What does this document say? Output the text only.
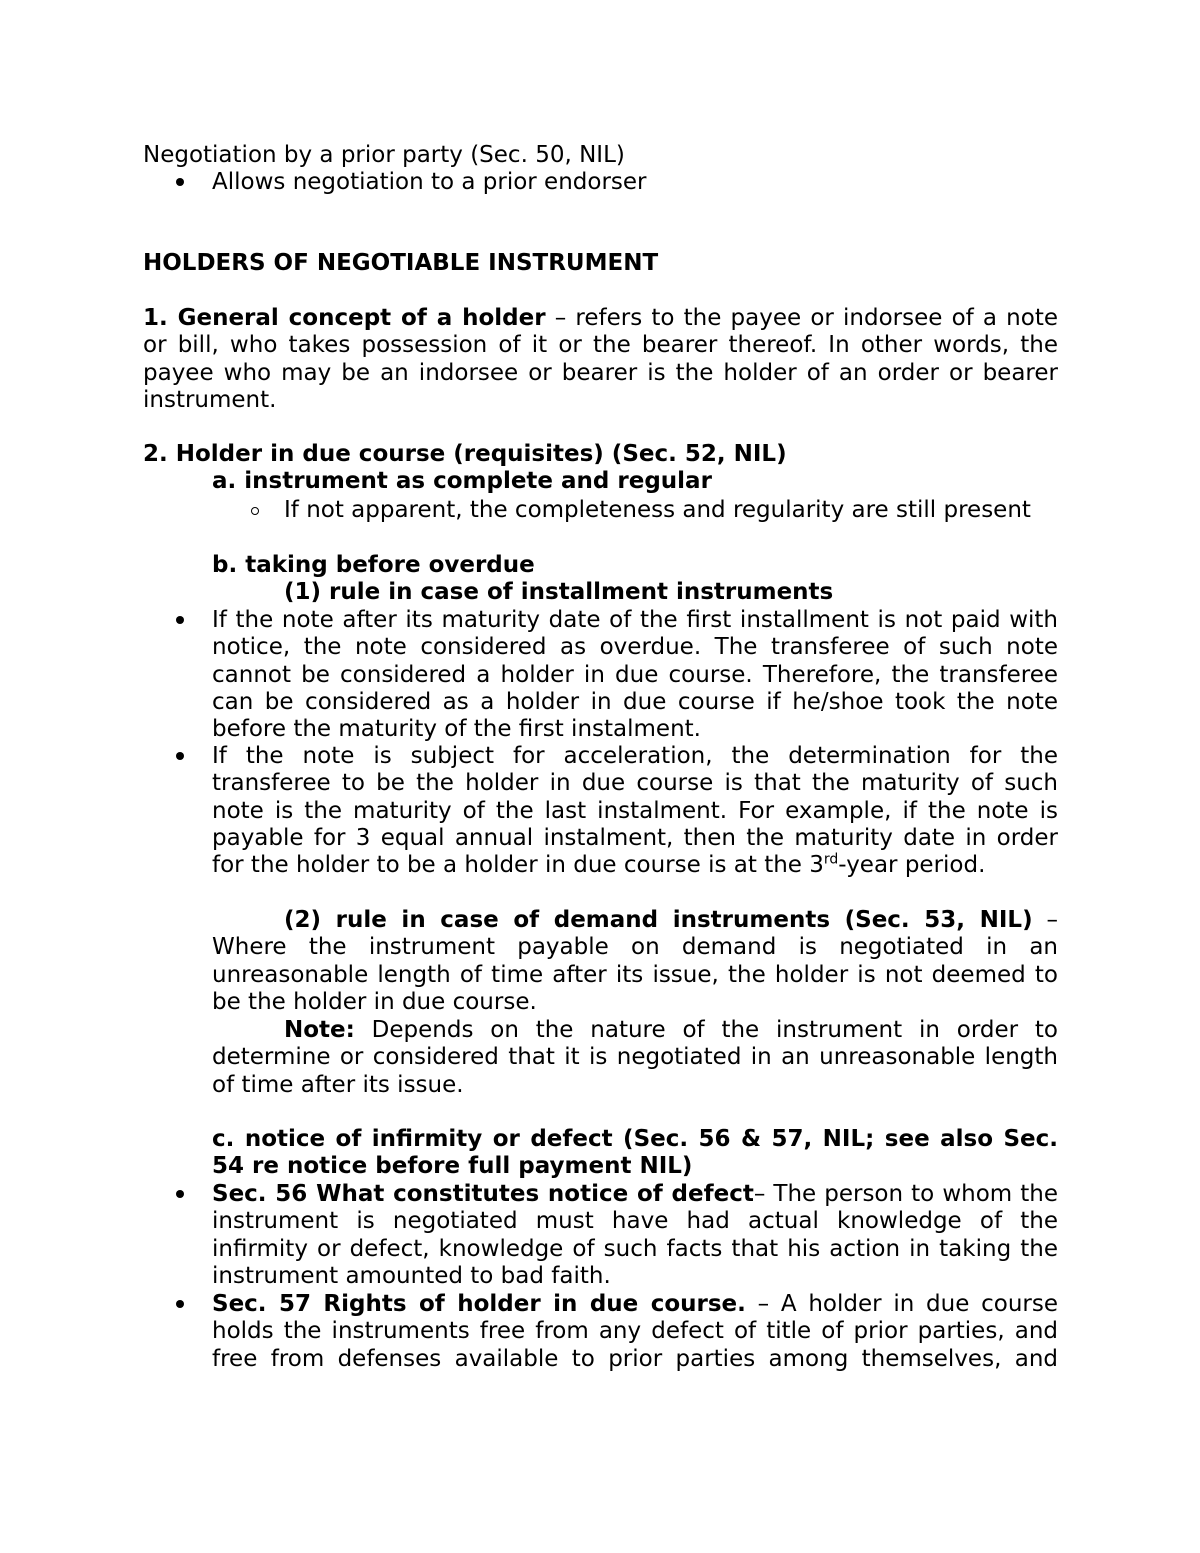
Negotiation by a prior party (Sec. 50, NIL)
Allows negotiation to a prior endorser
HOLDERS OF NEGOTIABLE INSTRUMENT
1. General concept of a holder – refers to the payee or indorsee of a note or bill, who takes possession of it or the bearer thereof. In other words, the payee who may be an indorsee or bearer is the holder of an order or bearer instrument.
2. Holder in due course (requisites) (Sec. 52, NIL)
a. instrument as complete and regular
If not apparent, the completeness and regularity are still present
b. taking before overdue
(1) rule in case of installment instruments
If the note after its maturity date of the first installment is not paid with notice, the note considered as overdue. The transferee of such note cannot be considered a holder in due course. Therefore, the transferee can be considered as a holder in due course if he/shoe took the note before the maturity of the first instalment.
If the note is subject for acceleration, the determination for the transferee to be the holder in due course is that the maturity of such note is the maturity of the last instalment. For example, if the note is payable for 3 equal annual instalment, then the maturity date in order for the holder to be a holder in due course is at the 3rd-year period.
(2) rule in case of demand instruments (Sec. 53, NIL) – Where the instrument payable on demand is negotiated in an unreasonable length of time after its issue, the holder is not deemed to be the holder in due course.
Note: Depends on the nature of the instrument in order to determine or considered that it is negotiated in an unreasonable length of time after its issue.
c. notice of infirmity or defect (Sec. 56 & 57, NIL; see also Sec. 54 re notice before full payment NIL)
Sec. 56 What constitutes notice of defect– The person to whom the instrument is negotiated must have had actual knowledge of the infirmity or defect, knowledge of such facts that his action in taking the instrument amounted to bad faith.
Sec. 57 Rights of holder in due course. – A holder in due course holds the instruments free from any defect of title of prior parties, and free from defenses available to prior parties among themselves, and
